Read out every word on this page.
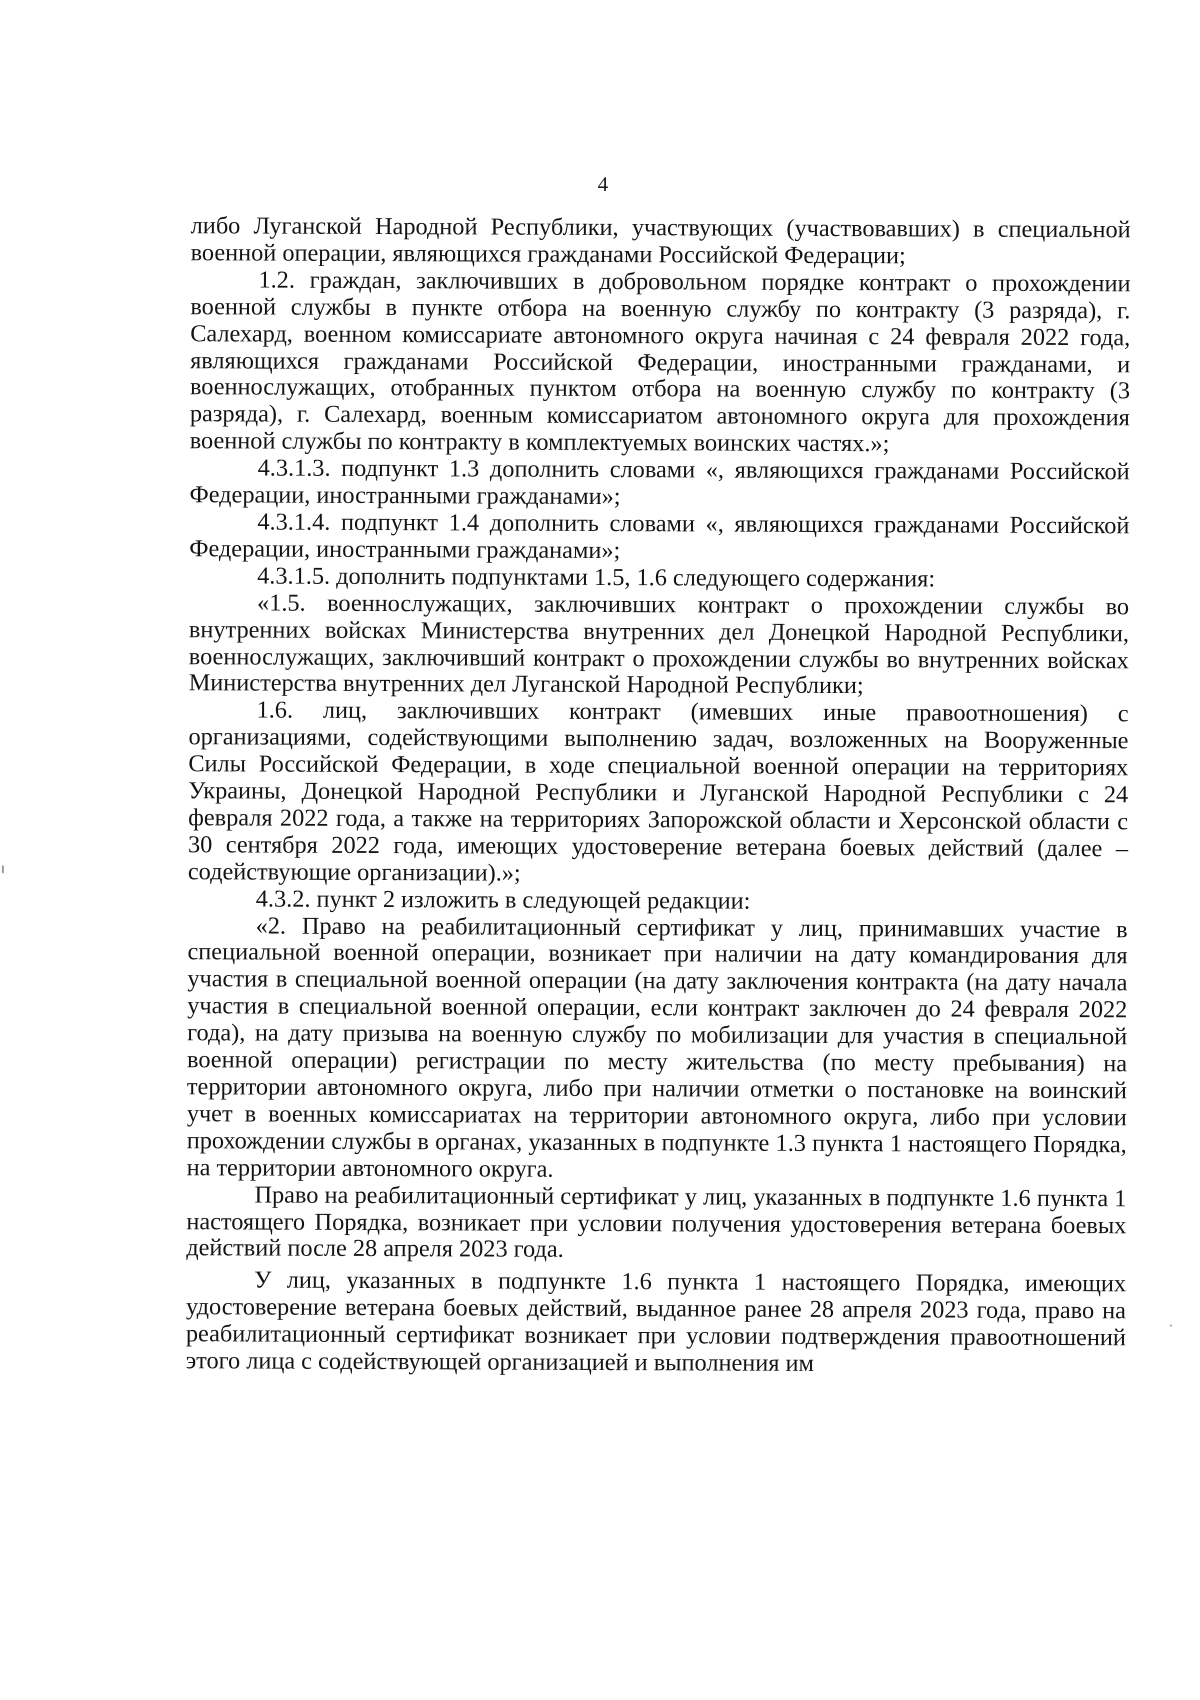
4

либо Луганской Народной Республики, участвующих (участвовавших) в специальной военной операции, являющихся гражданами Российской Федерации;

1.2. граждан, заключивших в добровольном порядке контракт о прохождении военной службы в пункте отбора на военную службу по контракту (3 разряда), г. Салехард, военном комиссариате автономного округа начиная с 24 февраля 2022 года, являющихся гражданами Российской Федерации, иностранными гражданами, и военнослужащих, отобранных пунктом отбора на военную службу по контракту (3 разряда), г. Салехард, военным комиссариатом автономного округа для прохождения военной службы по контракту в комплектуемых воинских частях.»;

4.3.1.3. подпункт 1.3 дополнить словами «, являющихся гражданами Российской Федерации, иностранными гражданами»;

4.3.1.4. подпункт 1.4 дополнить словами «, являющихся гражданами Российской Федерации, иностранными гражданами»;

4.3.1.5. дополнить подпунктами 1.5, 1.6 следующего содержания:

«1.5. военнослужащих, заключивших контракт о прохождении службы во внутренних войсках Министерства внутренних дел Донецкой Народной Республики, военнослужащих, заключивший контракт о прохождении службы во внутренних войсках Министерства внутренних дел Луганской Народной Республики;

1.6. лиц, заключивших контракт (имевших иные правоотношения) с организациями, содействующими выполнению задач, возложенных на Вооруженные Силы Российской Федерации, в ходе специальной военной операции на территориях Украины, Донецкой Народной Республики и Луганской Народной Республики с 24 февраля 2022 года, а также на территориях Запорожской области и Херсонской области с 30 сентября 2022 года, имеющих удостоверение ветерана боевых действий (далее – содействующие организации).»;

4.3.2. пункт 2 изложить в следующей редакции:

«2. Право на реабилитационный сертификат у лиц, принимавших участие в специальной военной операции, возникает при наличии на дату командирования для участия в специальной военной операции (на дату заключения контракта (на дату начала участия в специальной военной операции, если контракт заключен до 24 февраля 2022 года), на дату призыва на военную службу по мобилизации для участия в специальной военной операции) регистрации по месту жительства (по месту пребывания) на территории автономного округа, либо при наличии отметки о постановке на воинский учет в военных комиссариатах на территории автономного округа, либо при условии прохождении службы в органах, указанных в подпункте 1.3 пункта 1 настоящего Порядка, на территории автономного округа.

Право на реабилитационный сертификат у лиц, указанных в подпункте 1.6 пункта 1 настоящего Порядка, возникает при условии получения удостоверения ветерана боевых действий после 28 апреля 2023 года.

У лиц, указанных в подпункте 1.6 пункта 1 настоящего Порядка, имеющих удостоверение ветерана боевых действий, выданное ранее 28 апреля 2023 года, право на реабилитационный сертификат возникает при условии подтверждения правоотношений этого лица с содействующей организацией и выполнения им
